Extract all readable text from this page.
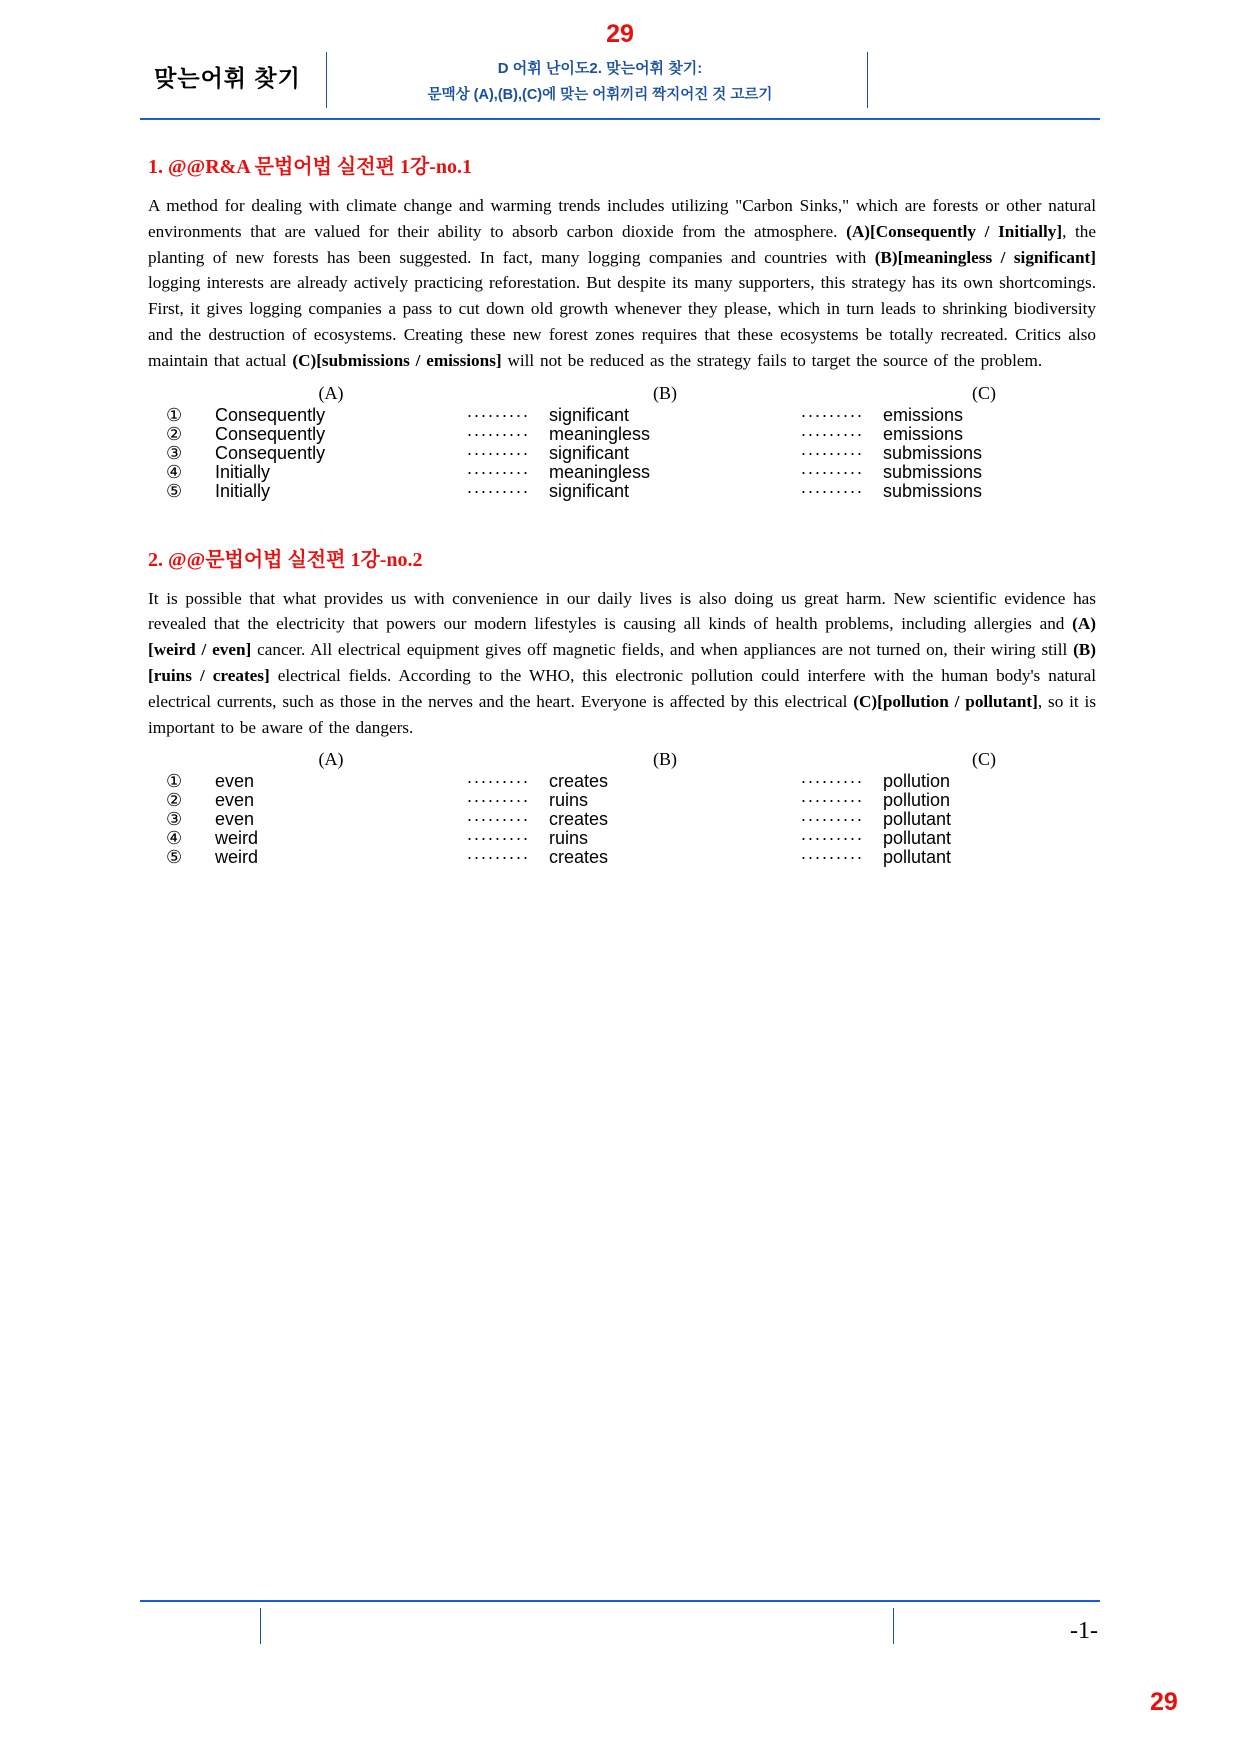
29
맞는어휘 찾기	D 어휘 난이도2. 맞는어휘 찾기:
문맥상 (A),(B),(C)에 맞는 어휘끼리 짝지어진 것 고르기

1. @@R&A 문법어법 실전편 1강-no.1

A method for dealing with climate change and warming trends includes utilizing "Carbon Sinks," which are forests or other natural environments that are valued for their ability to absorb carbon dioxide from the atmosphere. (A)[Consequently / Initially], the planting of new forests has been suggested. In fact, many logging companies and countries with (B)[meaningless / significant] logging interests are already actively practicing reforestation. But despite its many supporters, this strategy has its own shortcomings. First, it gives logging companies a pass to cut down old growth whenever they please, which in turn leads to shrinking biodiversity and the destruction of ecosystems. Creating these new forest zones requires that these ecosystems be totally recreated. Critics also maintain that actual (C)[submissions / emissions] will not be reduced as the strategy fails to target the source of the problem.

	(A)		(B)		(C)
①	Consequently	·········	significant	·········	emissions
②	Consequently	·········	meaningless	·········	emissions
③	Consequently	·········	significant	·········	submissions
④	Initially	·········	meaningless	·········	submissions
⑤	Initially	·········	significant	·········	submissions

2. @@문법어법 실전편 1강-no.2

It is possible that what provides us with convenience in our daily lives is also doing us great harm. New scientific evidence has revealed that the electricity that powers our modern lifestyles is causing all kinds of health problems, including allergies and (A)[weird / even] cancer. All electrical equipment gives off magnetic fields, and when appliances are not turned on, their wiring still (B)[ruins / creates] electrical fields. According to the WHO, this electronic pollution could interfere with the human body's natural electrical currents, such as those in the nerves and the heart. Everyone is affected by this electrical (C)[pollution / pollutant], so it is important to be aware of the dangers.

	(A)		(B)		(C)
①	even	·········	creates	·········	pollution
②	even	·········	ruins	·········	pollution
③	even	·········	creates	·········	pollutant
④	weird	·········	ruins	·········	pollutant
⑤	weird	·········	creates	·········	pollutant
-1-
29
